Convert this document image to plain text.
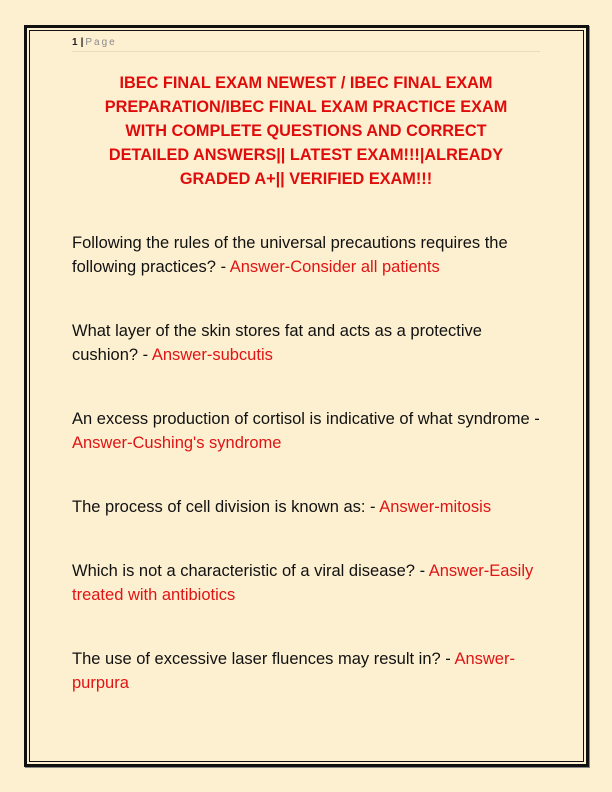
1 | Page
IBEC FINAL EXAM NEWEST / IBEC FINAL EXAM
PREPARATION/IBEC FINAL EXAM PRACTICE EXAM
WITH COMPLETE QUESTIONS AND CORRECT
DETAILED ANSWERS|| LATEST EXAM!!!|ALREADY
GRADED A+|| VERIFIED EXAM!!!
Following the rules of the universal precautions requires the following practices? - Answer-Consider all patients
What layer of the skin stores fat and acts as a protective cushion? - Answer-subcutis
An excess production of cortisol is indicative of what syndrome - Answer-Cushing's syndrome
The process of cell division is known as: - Answer-mitosis
Which is not a characteristic of a viral disease? - Answer-Easily treated with antibiotics
The use of excessive laser fluences may result in? - Answer-purpura
